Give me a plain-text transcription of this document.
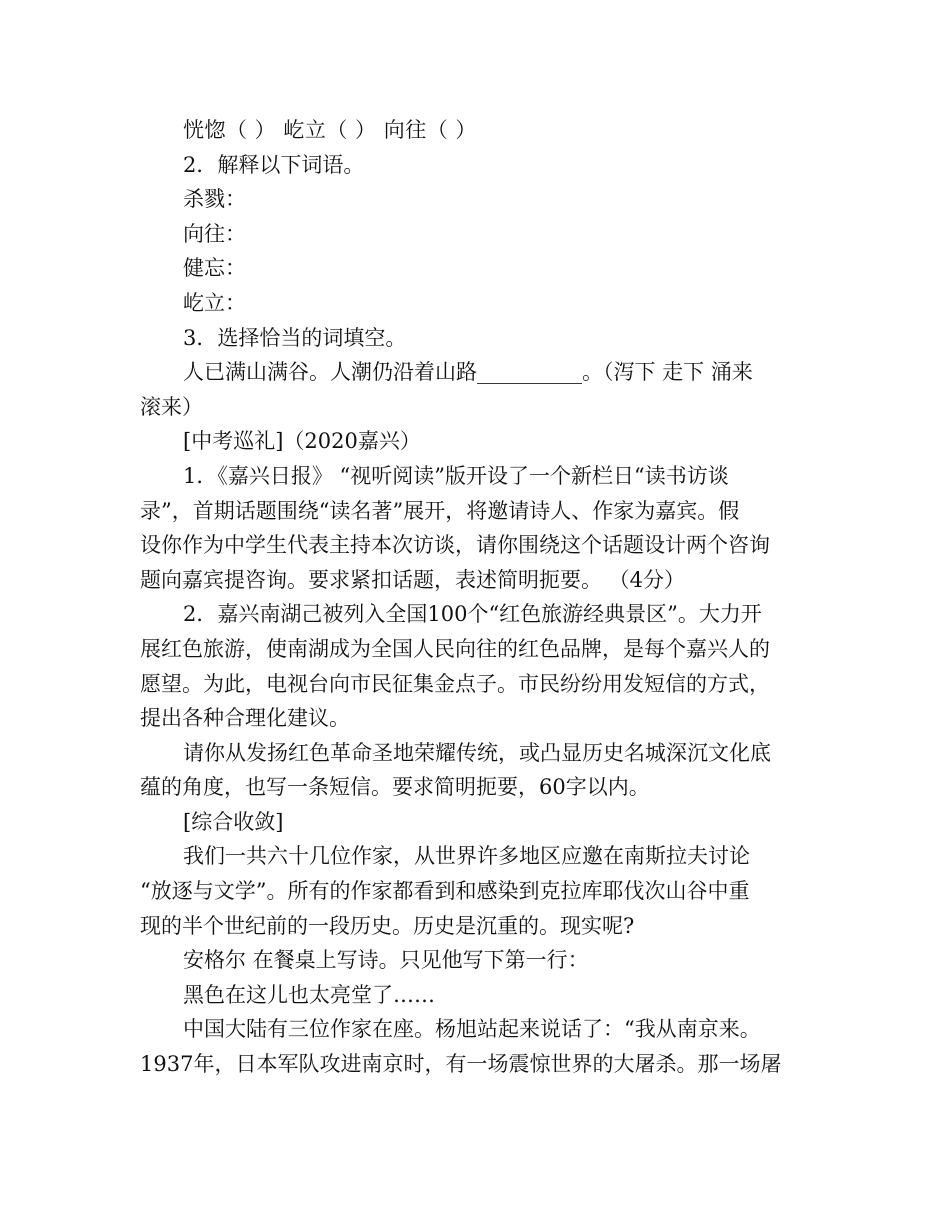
恍惚（ ） 屹立（ ） 向往（ ）
2．解释以下词语。
杀戮：
向往：
健忘：
屹立：
3．选择恰当的词填空。
人已满山满谷。人潮仍沿着山路__________。（泻下 走下 涌来
滚来）
[中考巡礼]（2020嘉兴）
1．《嘉兴日报》 “视听阅读”版开设了一个新栏日“读书访谈
录”，首期话题围绕“读名著”展开，将邀请诗人、作家为嘉宾。假
设你作为中学生代表主持本次访谈，请你围绕这个话题设计两个咨询
题向嘉宾提咨询。要求紧扣话题，表述简明扼要。 （4分）
2．嘉兴南湖己被列入全国100个“红色旅游经典景区”。大力开
展红色旅游，使南湖成为全国人民向往的红色品牌，是每个嘉兴人的
愿望。为此，电视台向市民征集金点子。市民纷纷用发短信的方式，
提出各种合理化建议。
请你从发扬红色革命圣地荣耀传统，或凸显历史名城深沉文化底
蕴的角度，也写一条短信。要求简明扼要，60字以内。
[综合收敛]
我们一共六十几位作家，从世界许多地区应邀在南斯拉夫讨论
“放逐与文学”。所有的作家都看到和感染到克拉库耶伐次山谷中重
现的半个世纪前的一段历史。历史是沉重的。现实呢?
安格尔 在餐桌上写诗。只见他写下第一行：
黑色在这儿也太亮堂了……
中国大陆有三位作家在座。杨旭站起来说话了：“我从南京来。
1937年，日本军队攻进南京时，有一场震惊世界的大屠杀。那一场屠
